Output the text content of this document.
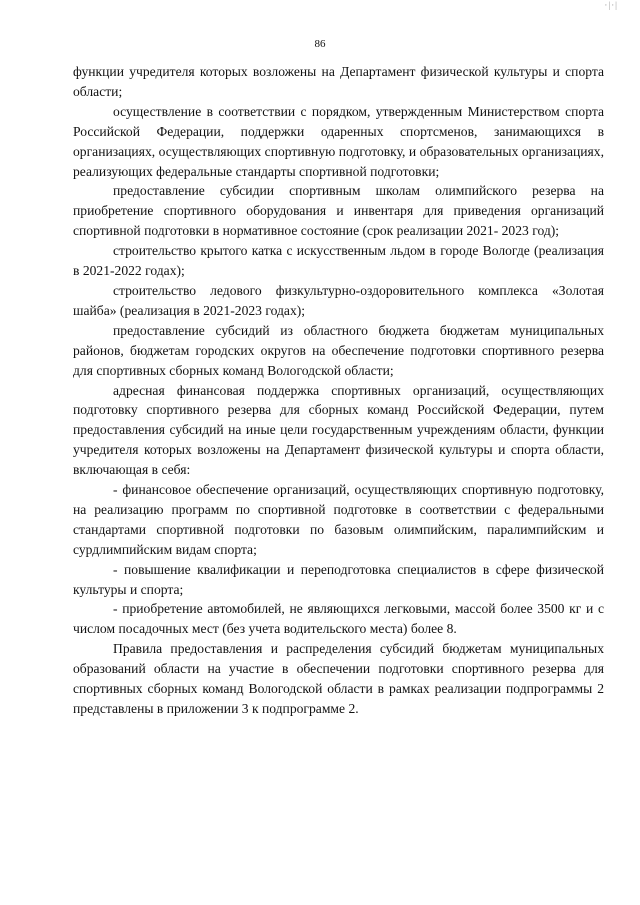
·|·|
86

функции учредителя которых возложены на Департамент физической культуры и спорта области;

осуществление в соответствии с порядком, утвержденным Министерством спорта Российской Федерации, поддержки одаренных спортсменов, занимающихся в организациях, осуществляющих спортивную подготовку, и образовательных организациях, реализующих федеральные стандарты спортивной подготовки;

предоставление субсидии спортивным школам олимпийского резерва на приобретение спортивного оборудования и инвентаря для приведения организаций спортивной подготовки в нормативное состояние (срок реализации 2021- 2023 год);

строительство крытого катка с искусственным льдом в городе Вологде (реализация в 2021-2022 годах);

строительство ледового физкультурно-оздоровительного комплекса «Золотая шайба» (реализация в 2021-2023 годах);

предоставление субсидий из областного бюджета бюджетам муниципальных районов, бюджетам городских округов на обеспечение подготовки спортивного резерва для спортивных сборных команд Вологодской области;

адресная финансовая поддержка спортивных организаций, осуществляющих подготовку спортивного резерва для сборных команд Российской Федерации, путем предоставления субсидий на иные цели государственным учреждениям области, функции учредителя которых возложены на Департамент физической культуры и спорта области, включающая в себя:

- финансовое обеспечение организаций, осуществляющих спортивную подготовку, на реализацию программ по спортивной подготовке в соответствии с федеральными стандартами спортивной подготовки по базовым олимпийским, паралимпийским и сурдлимпийским видам спорта;

- повышение квалификации и переподготовка специалистов в сфере физической культуры и спорта;

- приобретение автомобилей, не являющихся легковыми, массой более 3500 кг и с числом посадочных мест (без учета водительского места) более 8.

Правила предоставления и распределения субсидий бюджетам муниципальных образований области на участие в обеспечении подготовки спортивного резерва для спортивных сборных команд Вологодской области в рамках реализации подпрограммы 2 представлены в приложении 3 к подпрограмме 2.
